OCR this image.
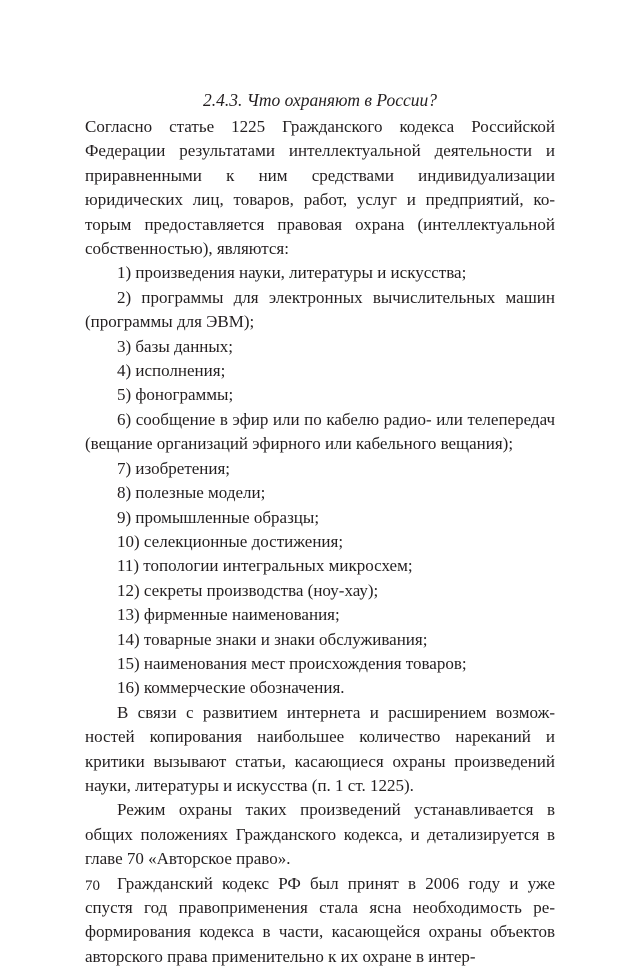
2.4.3. Что охраняют в России?

Согласно статье 1225 Гражданского кодекса Российской Федерации результатами интеллектуальной деятельности и приравненными к ним средствами индивидуализации юридических лиц, товаров, работ, услуг и предприятий, которым предоставляется правовая охрана (интеллектуальной собственностью), являются:

1) произведения науки, литературы и искусства;

2) программы для электронных вычислительных машин (программы для ЭВМ);

3) базы данных;

4) исполнения;

5) фонограммы;

6) сообщение в эфир или по кабелю радио- или телепередач (вещание организаций эфирного или кабельного вещания);

7) изобретения;

8) полезные модели;

9) промышленные образцы;

10) селекционные достижения;

11) топологии интегральных микросхем;

12) секреты производства (ноу-хау);

13) фирменные наименования;

14) товарные знаки и знаки обслуживания;

15) наименования мест происхождения товаров;

16) коммерческие обозначения.

В связи с развитием интернета и расширением возможностей копирования наибольшее количество нареканий и критики вызывают статьи, касающиеся охраны произведений науки, литературы и искусства (п. 1 ст. 1225).

Режим охраны таких произведений устанавливается в общих положениях Гражданского кодекса, и детализируется в главе 70 «Авторское право».

Гражданский кодекс РФ был принят в 2006 году и уже спустя год правоприменения стала ясна необходимость реформирования кодекса в части, касающейся охраны объектов авторского права применительно к их охране в интер-

70
